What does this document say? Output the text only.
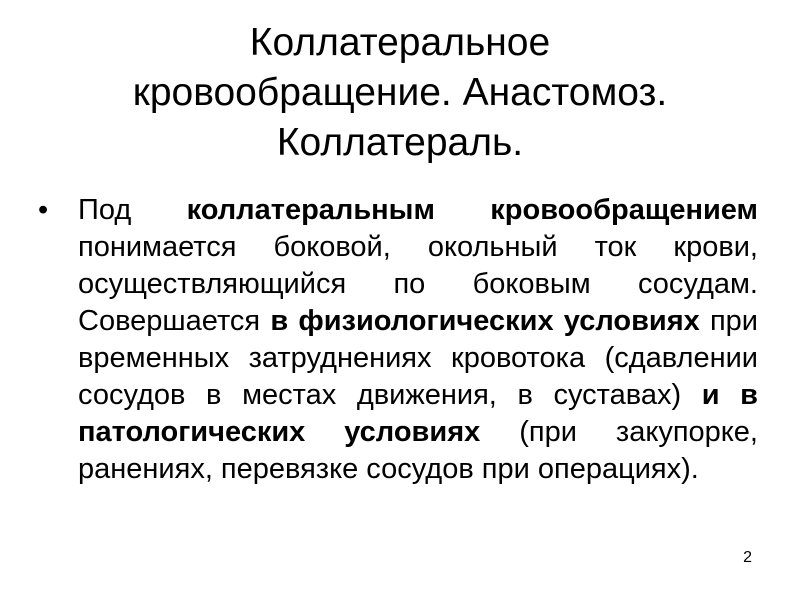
Коллатеральное
кровообращение. Анастомоз.
Коллатераль.
•	Под коллатеральным кровообращением понимается боковой, окольный ток крови, осуществляющийся по боковым сосудам. Совершается в физиологических условиях при временных затруднениях кровотока (сдавлении сосудов в местах движения, в суставах) и в патологических условиях (при закупорке, ранениях, перевязке сосудов при операциях).
2
